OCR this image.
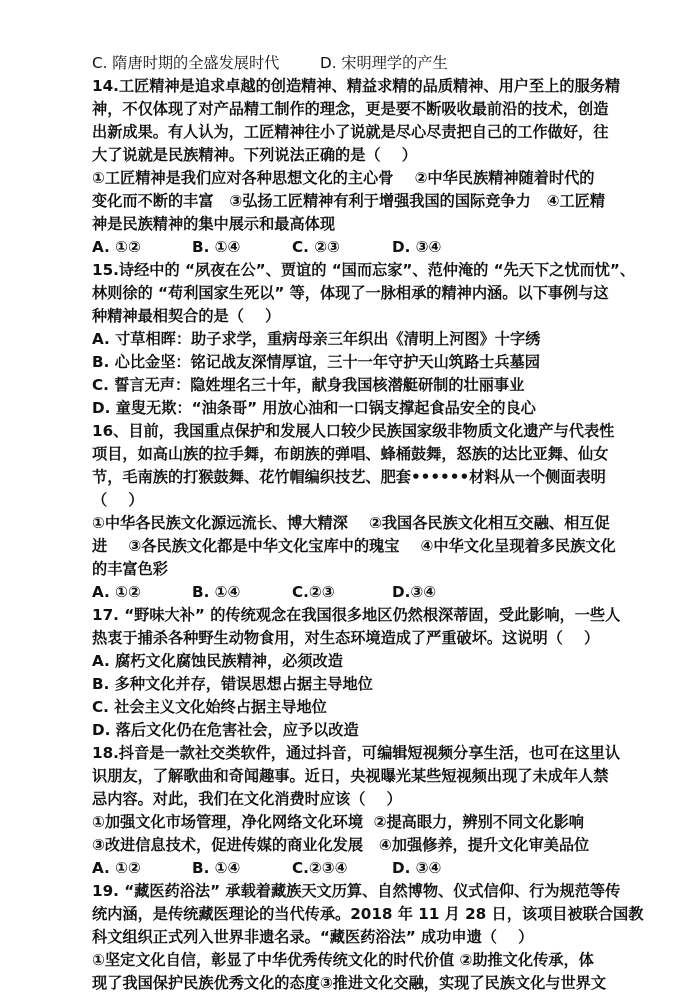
C. 隋唐时期的全盛发展时代	D. 宋明理学的产生
14.工匠精神是追求卓越的创造精神、精益求精的品质精神、用户至上的服务精
神，不仅体现了对产品精工制作的理念，更是要不断吸收最前沿的技术，创造
出新成果。有人认为，工匠精神往小了说就是尽心尽责把自己的工作做好，往
大了说就是民族精神。下列说法正确的是（    ）
①工匠精神是我们应对各种思想文化的主心骨    ②中华民族精神随着时代的
变化而不断的丰富   ③弘扬工匠精神有利于增强我国的国际竞争力   ④工匠精
神是民族精神的集中展示和最高体现
A. ①②	B. ①④	C. ②③	D. ③④
15.诗经中的 “夙夜在公”、贾谊的 “国而忘家”、范仲淹的 “先天下之忧而忧”、
林则徐的 “苟利国家生死以” 等，体现了一脉相承的精神内涵。以下事例与这
种精神最相契合的是（    ）
A. 寸草相晖：助子求学，重病母亲三年织出《清明上河图》十字绣
B. 心比金坚：铭记战友深情厚谊，三十一年守护天山筑路士兵墓园
C. 誓言无声：隐姓埋名三十年，献身我国核潜艇研制的壮丽事业
D. 童叟无欺：“油条哥” 用放心油和一口锅支撑起食品安全的良心
16、目前，我国重点保护和发展人口较少民族国家级非物质文化遗产与代表性
项目，如高山族的拉手舞，布朗族的弹唱、蜂桶鼓舞，怒族的达比亚舞、仙女
节，毛南族的打猴鼓舞、花竹帽编织技艺、肥套••••••材料从一个侧面表明
（    ）
①中华各民族文化源远流长、博大精深    ②我国各民族文化相互交融、相互促
进    ③各民族文化都是中华文化宝库中的瑰宝    ④中华文化呈现着多民族文化
的丰富色彩
A. ①②	B. ①④	C.②③	D.③④
17. “野味大补” 的传统观念在我国很多地区仍然根深蒂固，受此影响，一些人
热衷于捕杀各种野生动物食用，对生态环境造成了严重破坏。这说明（    ）
A. 腐朽文化腐蚀民族精神，必须改造
B. 多种文化并存，错误思想占据主导地位
C. 社会主义文化始终占据主导地位
D. 落后文化仍在危害社会，应予以改造
18.抖音是一款社交类软件，通过抖音，可编辑短视频分享生活，也可在这里认
识朋友，了解歌曲和奇闻趣事。近日，央视曝光某些短视频出现了未成年人禁
忌内容。对此，我们在文化消费时应该（    ）
①加强文化市场管理，净化网络文化环境  ②提高眼力，辨别不同文化影响
③改进信息技术，促进传媒的商业化发展   ④加强修养，提升文化审美品位
A. ①②	B. ①④	C.②③④	D. ③④
19. “藏医药浴法” 承载着藏族天文历算、自然博物、仪式信仰、行为规范等传
统内涵，是传统藏医理论的当代传承。2018 年 11 月 28 日，该项目被联合国教
科文组织正式列入世界非遗名录。“藏医药浴法” 成功申遗（    ）
①坚定文化自信，彰显了中华优秀传统文化的时代价值 ②助推文化传承，体
现了我国保护民族优秀文化的态度③推进文化交融，实现了民族文化与世界文
